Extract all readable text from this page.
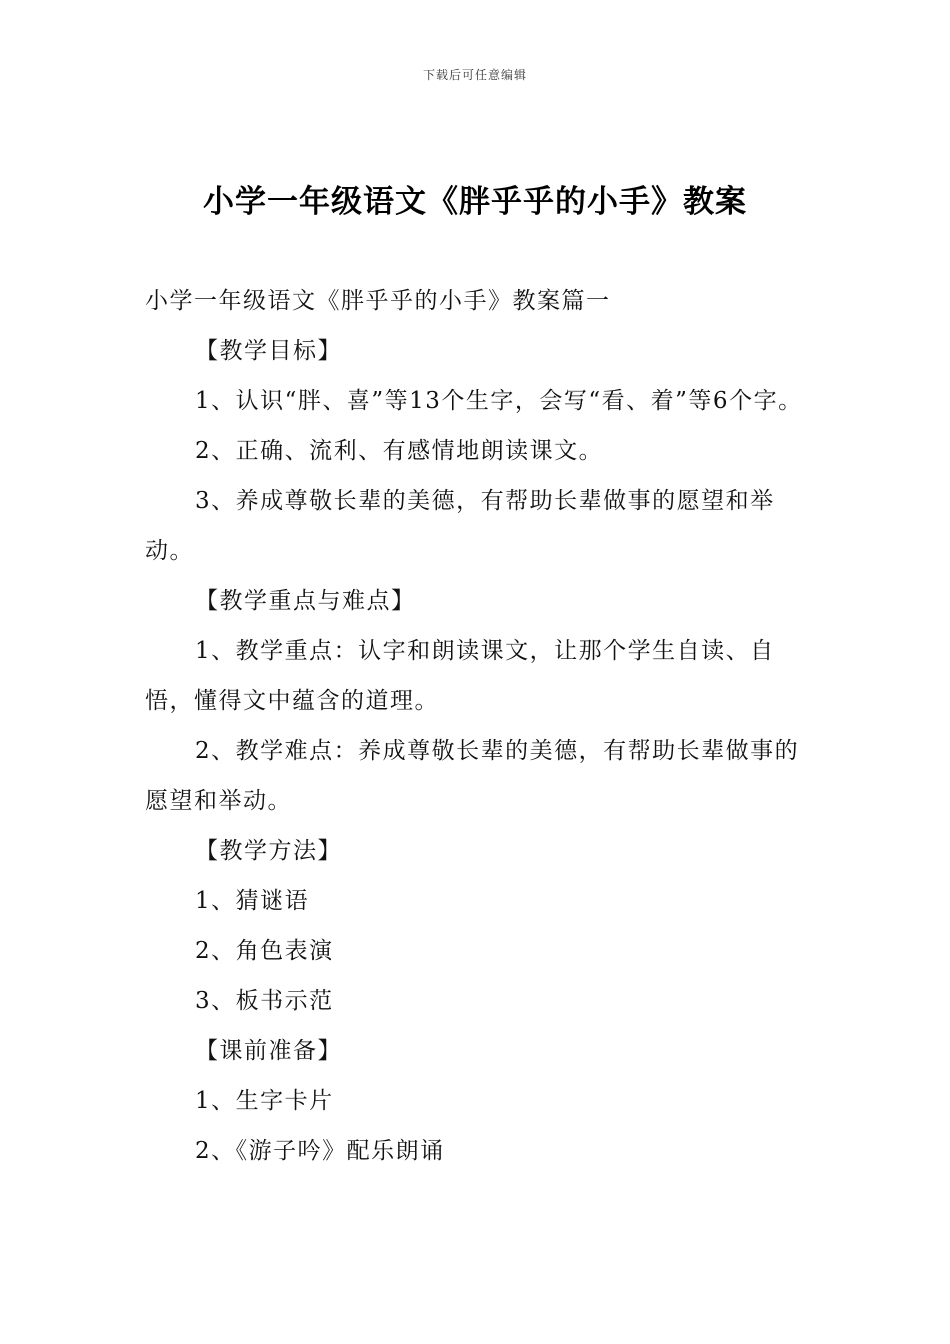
下载后可任意编辑
小学一年级语文《胖乎乎的小手》教案

小学一年级语文《胖乎乎的小手》教案篇一

【教学目标】

1、认识“胖、喜”等13个生字，会写“看、着”等6个字。

2、正确、流利、有感情地朗读课文。

3、养成尊敬长辈的美德，有帮助长辈做事的愿望和举动。

【教学重点与难点】

1、教学重点：认字和朗读课文，让那个学生自读、自悟，懂得文中蕴含的道理。

2、教学难点：养成尊敬长辈的美德，有帮助长辈做事的愿望和举动。

【教学方法】

1、猜谜语

2、角色表演

3、板书示范

【课前准备】

1、生字卡片

2、《游子吟》配乐朗诵
